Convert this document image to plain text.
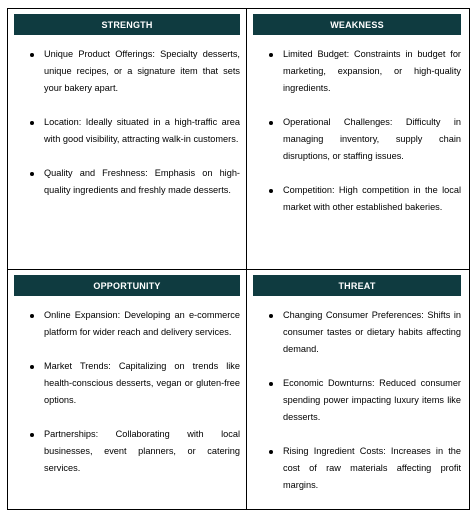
STRENGTH
Unique Product Offerings: Specialty desserts, unique recipes, or a signature item that sets your bakery apart.
Location: Ideally situated in a high-traffic area with good visibility, attracting walk-in customers.
Quality and Freshness: Emphasis on high-quality ingredients and freshly made desserts.
WEAKNESS
Limited Budget: Constraints in budget for marketing, expansion, or high-quality ingredients.
Operational Challenges: Difficulty in managing inventory, supply chain disruptions, or staffing issues.
Competition: High competition in the local market with other established bakeries.
OPPORTUNITY
Online Expansion: Developing an e-commerce platform for wider reach and delivery services.
Market Trends: Capitalizing on trends like health-conscious desserts, vegan or gluten-free options.
Partnerships: Collaborating with local businesses, event planners, or catering services.
THREAT
Changing Consumer Preferences: Shifts in consumer tastes or dietary habits affecting demand.
Economic Downturns: Reduced consumer spending power impacting luxury items like desserts.
Rising Ingredient Costs: Increases in the cost of raw materials affecting profit margins.
